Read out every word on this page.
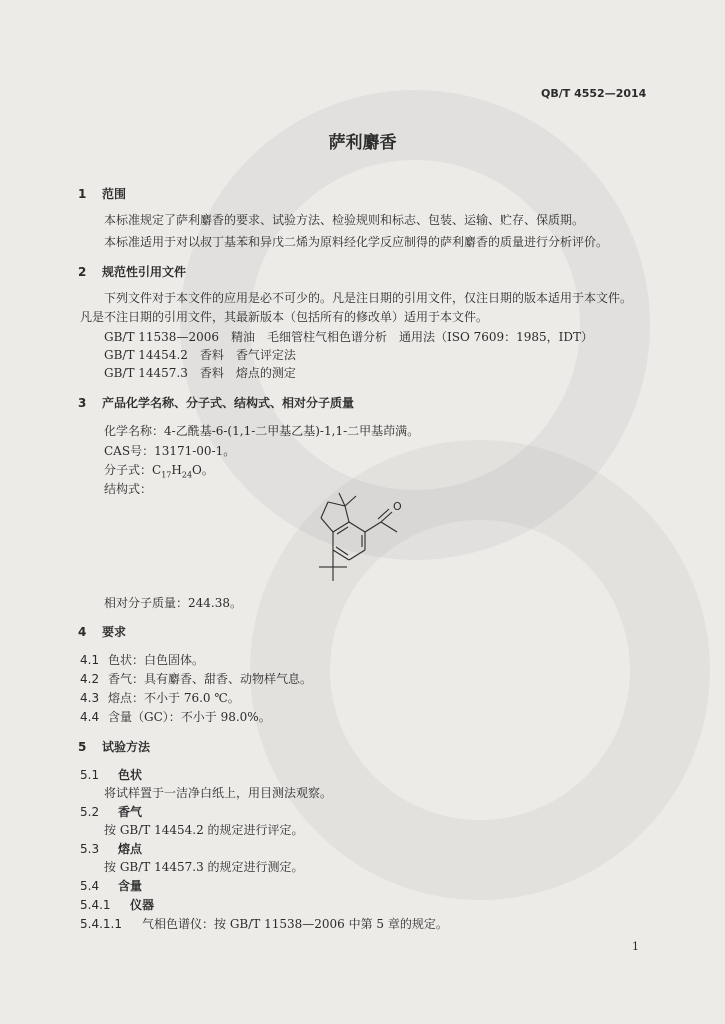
QB/T 4552—2014
萨利麝香
1 范围
本标准规定了萨利麝香的要求、试验方法、检验规则和标志、包装、运输、贮存、保质期。
本标准适用于对以叔丁基苯和异戊二烯为原料经化学反应制得的萨利麝香的质量进行分析评价。
2 规范性引用文件
下列文件对于本文件的应用是必不可少的。凡是注日期的引用文件，仅注日期的版本适用于本文件。
凡是不注日期的引用文件，其最新版本（包括所有的修改单）适用于本文件。
GB/T 11538—2006　精油　毛细管柱气相色谱分析　通用法（ISO 7609：1985，IDT）
GB/T 14454.2　香料　香气评定法
GB/T 14457.3　香料　熔点的测定
3 产品化学名称、分子式、结构式、相对分子质量
化学名称：4-乙酰基-6-(1,1-二甲基乙基)-1,1-二甲基茚满。
CAS号：13171-00-1。
分子式：$C_{17}H_{24}O$。
结构式：
O
相对分子质量：244.38。
4 要求
4.1 色状：白色固体。
4.2 香气：具有麝香、甜香、动物样气息。
4.3 熔点：不小于 76.0 ℃。
4.4 含量（GC）：不小于 98.0%。
5 试验方法
5.1 色状
将试样置于一洁净白纸上，用目测法观察。
5.2 香气
按 GB/T 14454.2 的规定进行评定。
5.3 熔点
按 GB/T 14457.3 的规定进行测定。
5.4 含量
5.4.1 仪器
5.4.1.1 气相色谱仪：按 GB/T 11538—2006 中第 5 章的规定。
1
